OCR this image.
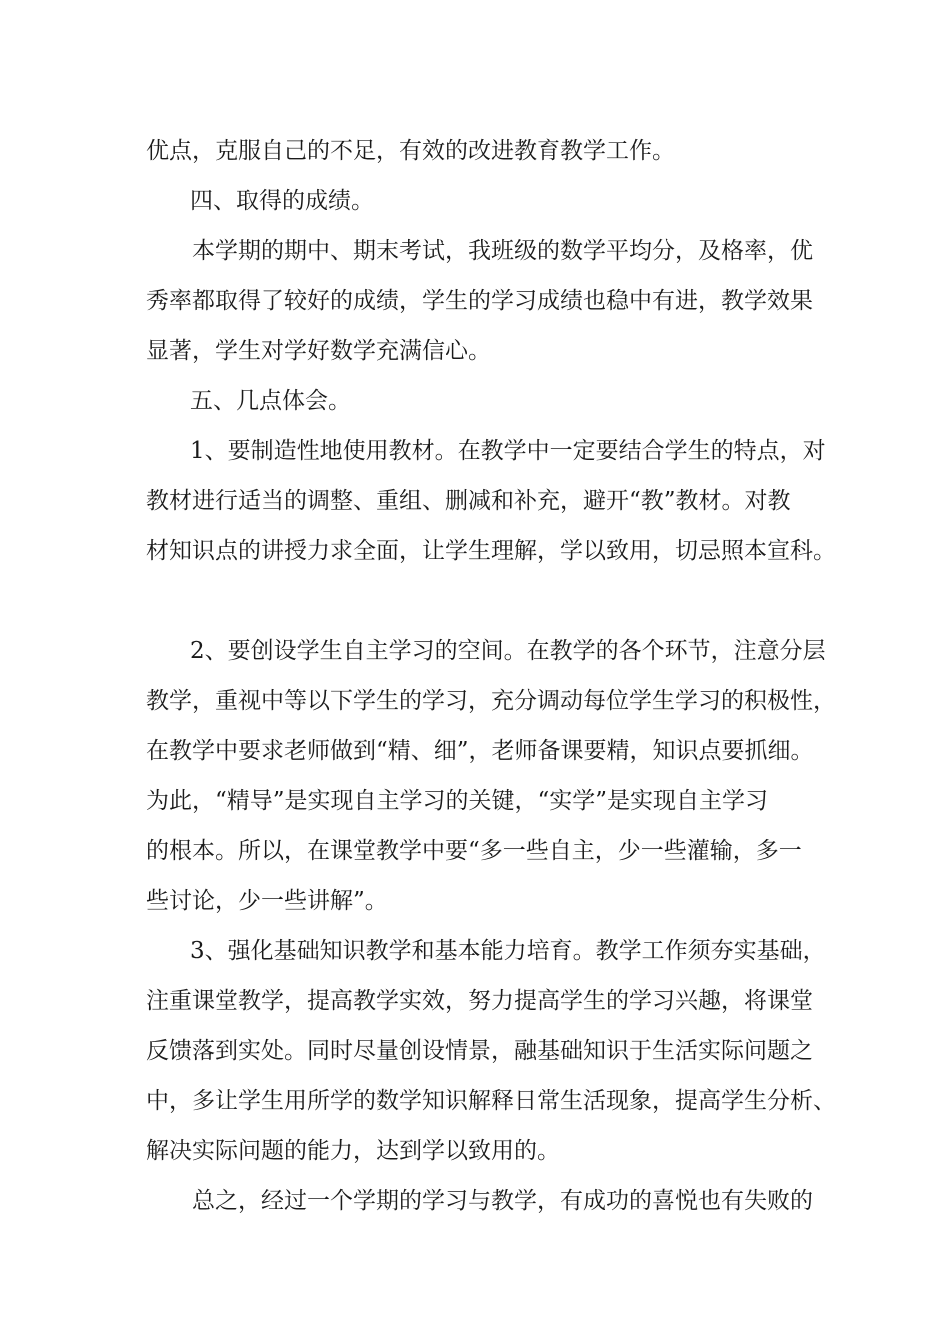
优点，克服自己的不足，有效的改进教育教学工作。

四、取得的成绩。

本学期的期中、期末考试，我班级的数学平均分，及格率，优

秀率都取得了较好的成绩，学生的学习成绩也稳中有进，教学效果

显著，学生对学好数学充满信心。

五、几点体会。

1、要制造性地使用教材。在教学中一定要结合学生的特点，对

教材进行适当的调整、重组、删减和补充，避开“教”教材。对教

材知识点的讲授力求全面，让学生理解，学以致用，切忌照本宣科。

2、要创设学生自主学习的空间。在教学的各个环节，注意分层

教学，重视中等以下学生的学习，充分调动每位学生学习的积极性，

在教学中要求老师做到“精、细”，老师备课要精，知识点要抓细。

为此，“精导”是实现自主学习的关键，“实学”是实现自主学习

的根本。所以，在课堂教学中要“多一些自主，少一些灌输，多一

些讨论，少一些讲解”。

3、强化基础知识教学和基本能力培育。教学工作须夯实基础，

注重课堂教学，提高教学实效，努力提高学生的学习兴趣，将课堂

反馈落到实处。同时尽量创设情景，融基础知识于生活实际问题之

中，多让学生用所学的数学知识解释日常生活现象，提高学生分析、

解决实际问题的能力，达到学以致用的。

总之，经过一个学期的学习与教学，有成功的喜悦也有失败的
